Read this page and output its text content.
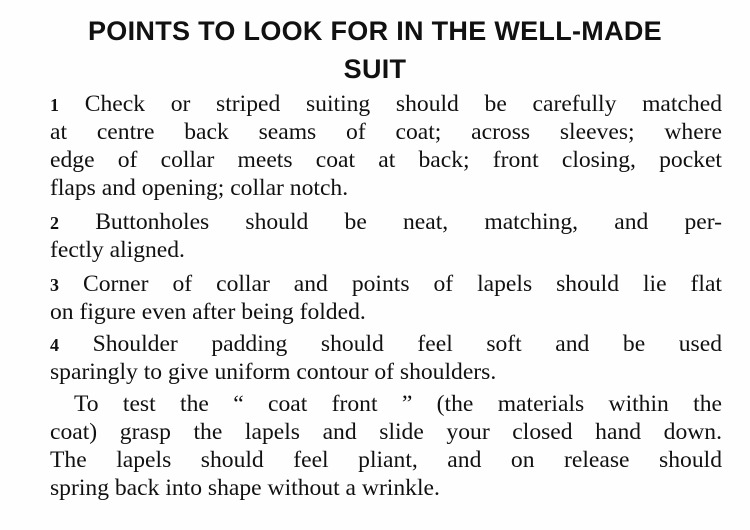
POINTS TO LOOK FOR IN THE WELL-MADE
SUIT

1 Check or striped suiting should be carefully matched

at centre back seams of coat; across sleeves; where

edge of collar meets coat at back; front closing, pocket

flaps and opening; collar notch.

2 Buttonholes should be neat, matching, and per-

fectly aligned.

3 Corner of collar and points of lapels should lie flat

on figure even after being folded.

4 Shoulder padding should feel soft and be used

sparingly to give uniform contour of shoulders.

To test the “ coat front ” (the materials within the

coat) grasp the lapels and slide your closed hand down.

The lapels should feel pliant, and on release should

spring back into shape without a wrinkle.
